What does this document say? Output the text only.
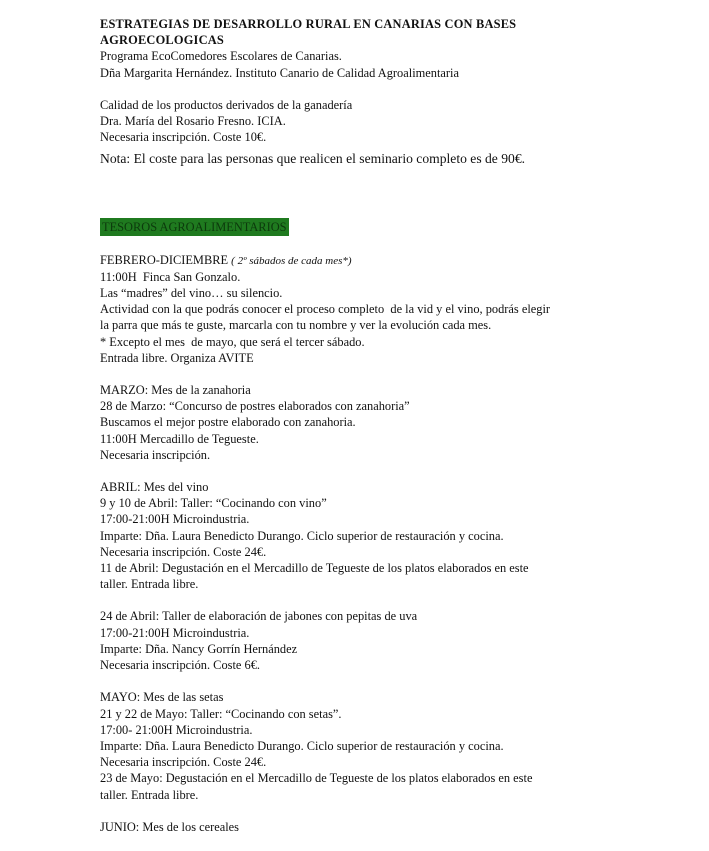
ESTRATEGIAS DE DESARROLLO RURAL EN CANARIAS CON BASES
AGROECOLOGICAS
Programa EcoComedores Escolares de Canarias.
Dña Margarita Hernández. Instituto Canario de Calidad Agroalimentaria
Calidad de los productos derivados de la ganadería
Dra. María del Rosario Fresno. ICIA.
Necesaria inscripción. Coste 10€.
Nota: El coste para las personas que realicen el seminario completo es de 90€.
TESOROS AGROALIMENTARIOS
FEBRERO-DICIEMBRE ( 2º sábados de cada mes*)
11:00H  Finca San Gonzalo.
Las “madres” del vino… su silencio.
Actividad con la que podrás conocer el proceso completo  de la vid y el vino, podrás elegir
la parra que más te guste, marcarla con tu nombre y ver la evolución cada mes.
* Excepto el mes  de mayo, que será el tercer sábado.
Entrada libre. Organiza AVITE
MARZO: Mes de la zanahoria
28 de Marzo: “Concurso de postres elaborados con zanahoria”
Buscamos el mejor postre elaborado con zanahoria.
11:00H Mercadillo de Tegueste.
Necesaria inscripción.
ABRIL: Mes del vino
9 y 10 de Abril: Taller: “Cocinando con vino”
17:00-21:00H Microindustria.
Imparte: Dña. Laura Benedicto Durango. Ciclo superior de restauración y cocina.
Necesaria inscripción. Coste 24€.
11 de Abril: Degustación en el Mercadillo de Tegueste de los platos elaborados en este
taller. Entrada libre.
24 de Abril: Taller de elaboración de jabones con pepitas de uva
17:00-21:00H Microindustria.
Imparte: Dña. Nancy Gorrín Hernández
Necesaria inscripción. Coste 6€.
MAYO: Mes de las setas
21 y 22 de Mayo: Taller: “Cocinando con setas”.
17:00- 21:00H Microindustria.
Imparte: Dña. Laura Benedicto Durango. Ciclo superior de restauración y cocina.
Necesaria inscripción. Coste 24€.
23 de Mayo: Degustación en el Mercadillo de Tegueste de los platos elaborados en este
taller. Entrada libre.
JUNIO: Mes de los cereales
